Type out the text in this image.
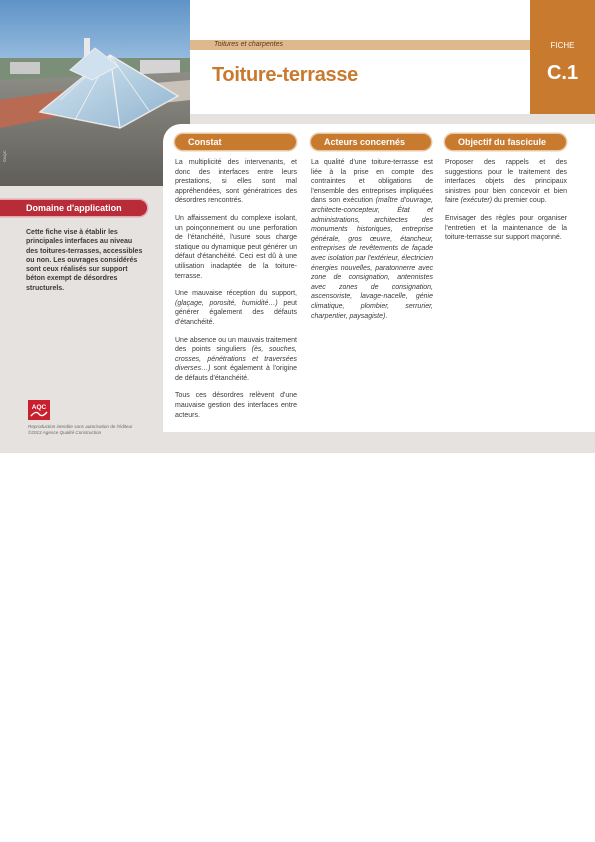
©AQC
Toitures et charpentes	FICHE
C.1
Toiture-terrasse
Constat	Acteurs concernés	Objectif du fascicule

La multiplicité des intervenants, et donc des interfaces entre leurs prestations, si elles sont mal appréhendées, sont génératrices des désordres rencontrés.

Un affaissement du complexe isolant, un poinçonnement ou une perforation de l'étanchéité, l'usure sous charge statique ou dynamique peut générer un défaut d'étanchéité. Ceci est dû à une utilisation inadaptée de la toiture-terrasse.

Une mauvaise réception du support, (glaçage, porosité, humidité…) peut générer également des défauts d'étanchéité.

Une absence ou un mauvais traitement des points singuliers (ès, souches, crosses, pénétrations et traversées diverses…) sont également à l'origine de défauts d'étanchéité.

Tous ces désordres relèvent d'une mauvaise gestion des interfaces entre acteurs.

La qualité d'une toiture-terrasse est liée à la prise en compte des contraintes et obligations de l'ensemble des entreprises impliquées dans son exécution (maître d'ouvrage, architecte-concepteur, État et administrations, architectes des monuments historiques, entreprise générale, gros œuvre, étancheur, entreprises de revêtements de façade avec isolation par l'extérieur, électricien énergies nouvelles, paratonnerre avec zone de consignation, antennistes avec zones de consignation, ascensoriste, lavage-nacelle, génie climatique, plombier, serrurier, charpentier, paysagiste).

Proposer des rappels et des suggestions pour le traitement des interfaces objets des principaux sinistres pour bien concevoir et bien faire (exécuter) du premier coup.

Envisager des règles pour organiser l'entretien et la maintenance de la toiture-terrasse sur support maçonné.

Domaine d'application
Cette fiche vise à établir les principales interfaces au niveau des toitures-terrasses, accessibles ou non. Les ouvrages considérés sont ceux réalisés sur support béton exempt de désordres structurels.
AQC
Reproduction interdite sans autorisation de l'éditeur
©2013 Agence Qualité Construction
